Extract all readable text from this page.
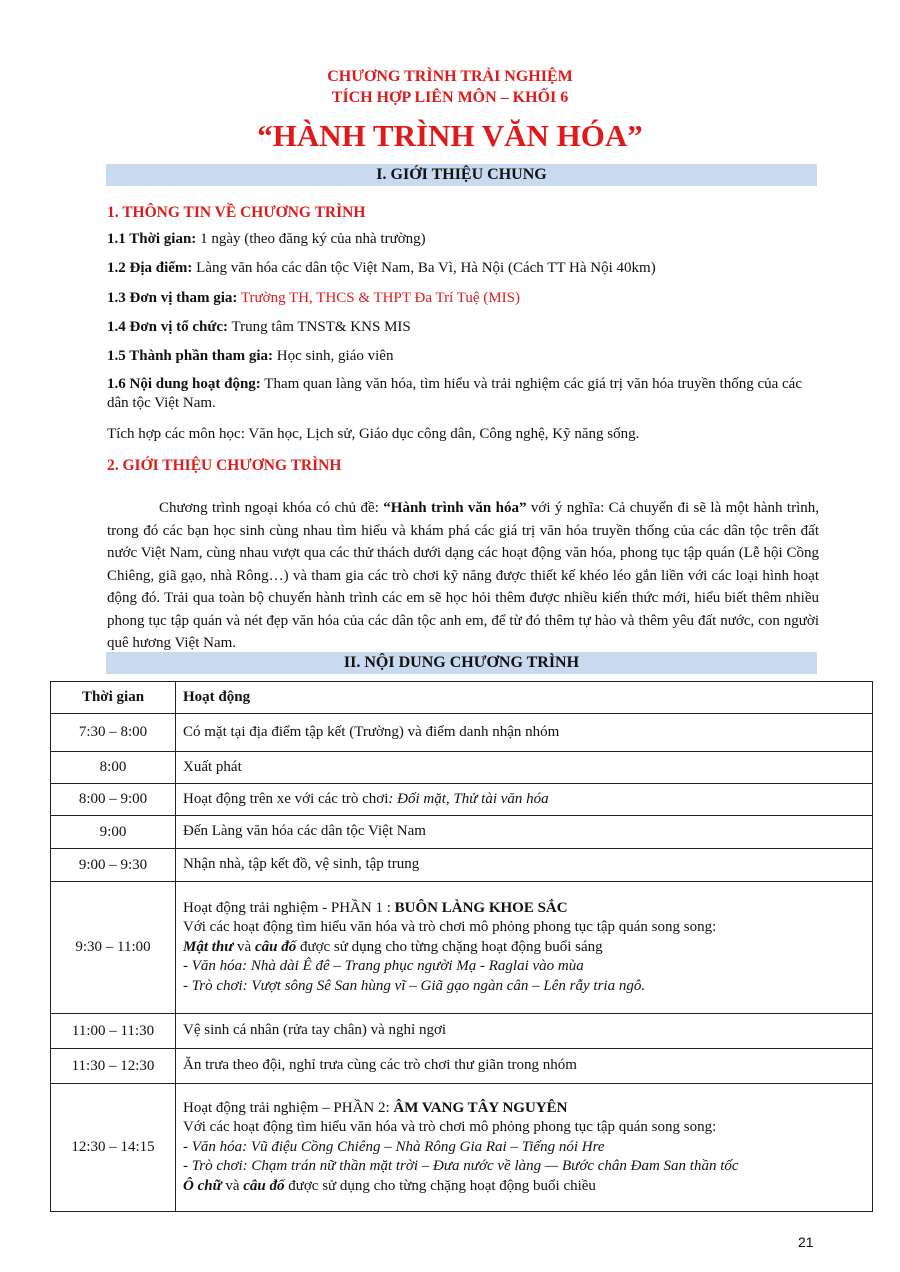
CHƯƠNG TRÌNH TRẢI NGHIỆM
TÍCH HỢP LIÊN MÔN – KHỐI 6
“HÀNH TRÌNH VĂN HÓA”
I. GIỚI THIỆU CHUNG
1. THÔNG TIN VỀ CHƯƠNG TRÌNH
1.1 Thời gian: 1 ngày (theo đăng ký của nhà trường)
1.2 Địa điểm: Làng văn hóa các dân tộc Việt Nam, Ba Vì, Hà Nội (Cách TT Hà Nội 40km)
1.3 Đơn vị tham gia: Trường TH, THCS & THPT Đa Trí Tuệ (MIS)
1.4 Đơn vị tổ chức: Trung tâm TNST& KNS MIS
1.5 Thành phần tham gia: Học sinh, giáo viên
1.6 Nội dung hoạt động: Tham quan làng văn hóa, tìm hiểu và trải nghiệm các giá trị văn hóa truyền thống của các dân tộc Việt Nam.
Tích hợp các môn học: Văn học, Lịch sử, Giáo dục công dân, Công nghệ, Kỹ năng sống.
2. GIỚI THIỆU CHƯƠNG TRÌNH
Chương trình ngoại khóa có chủ đề: “Hành trình văn hóa” với ý nghĩa: Cả chuyến đi sẽ là một hành trình, trong đó các bạn học sinh cùng nhau tìm hiểu và khám phá các giá trị văn hóa truyền thống của các dân tộc trên đất nước Việt Nam, cùng nhau vượt qua các thử thách dưới dạng các hoạt động văn hóa, phong tục tập quán (Lễ hội Cồng Chiêng, giã gạo, nhà Rông…) và tham gia các trò chơi kỹ năng được thiết kế khéo léo gắn liền với các loại hình hoạt động đó. Trải qua toàn bộ chuyến hành trình các em sẽ học hỏi thêm được nhiều kiến thức mới, hiểu biết thêm nhiều phong tục tập quán và nét đẹp văn hóa của các dân tộc anh em, để từ đó thêm tự hào và thêm yêu đất nước, con người quê hương Việt Nam.
II. NỘI DUNG CHƯƠNG TRÌNH
Thời gian	Hoạt động
7:30 – 8:00	Có mặt tại địa điểm tập kết (Trường) và điểm danh nhận nhóm
8:00	Xuất phát
8:00 – 9:00	Hoạt động trên xe với các trò chơi: Đối mặt, Thử tài văn hóa
9:00	Đến Làng văn hóa các dân tộc Việt Nam
9:00 – 9:30	Nhận nhà, tập kết đồ, vệ sinh, tập trung
9:30 – 11:00	Hoạt động trải nghiệm - PHẦN 1 : BUÔN LÀNG KHOE SẮC
Với các hoạt động tìm hiểu văn hóa và trò chơi mô phỏng phong tục tập quán song song:
Mật thư và câu đố được sử dụng cho từng chặng hoạt động buổi sáng
- Văn hóa: Nhà dài Ê đê – Trang phục người Mạ - Raglai vào mùa
- Trò chơi: Vượt sông Sê San hùng vĩ – Giã gạo ngàn cân – Lên rẫy tria ngô.

11:00 – 11:30	Vệ sinh cá nhân (rửa tay chân) và nghỉ ngơi
11:30 – 12:30	Ăn trưa theo đội, nghỉ trưa cùng các trò chơi thư giãn trong nhóm
12:30 – 14:15	Hoạt động trải nghiệm – PHẦN 2: ÂM VANG TÂY NGUYÊN
Với các hoạt động tìm hiểu văn hóa và trò chơi mô phỏng phong tục tập quán song song:
- Văn hóa: Vũ điệu Cồng Chiêng – Nhà Rông Gia Rai – Tiếng nói Hre
- Trò chơi: Chạm trán nữ thần mặt trời – Đưa nước về làng — Bước chân Đam San thần tốc
Ô chữ và câu đố được sử dụng cho từng chặng hoạt động buổi chiều
21
